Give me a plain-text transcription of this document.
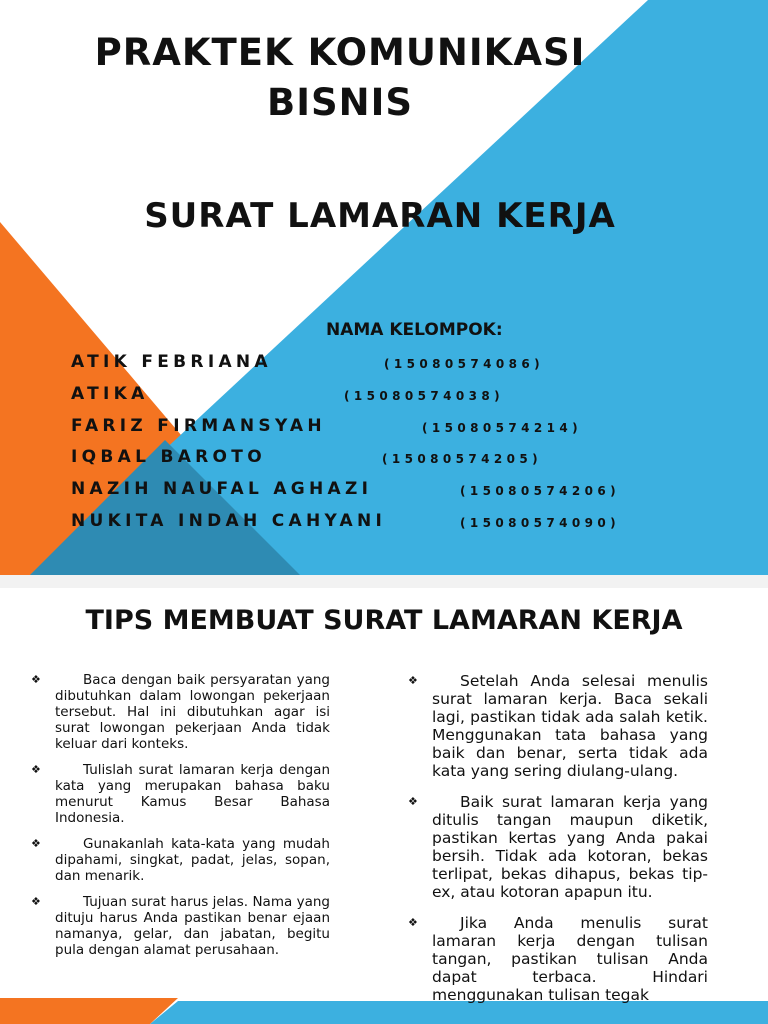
PRAKTEK KOMUNIKASI
BISNIS
SURAT LAMARAN KERJA
NAMA KELOMPOK:
ATIK FEBRIANA	(15080574086)
ATIKA	(15080574038)
FARIZ FIRMANSYAH	(15080574214)
IQBAL BAROTO	(15080574205)
NAZIH NAUFAL AGHAZI	(15080574206)
NUKITA INDAH CAHYANI	(15080574090)
TIPS MEMBUAT SURAT LAMARAN KERJA
❖	Baca dengan baik persyaratan yang dibutuhkan dalam lowongan pekerjaan tersebut. Hal ini dibutuhkan agar isi surat lowongan pekerjaan Anda tidak keluar dari konteks.
❖	Tulislah surat lamaran kerja dengan kata yang merupakan bahasa baku menurut Kamus Besar Bahasa Indonesia.
❖	Gunakanlah kata-kata yang mudah dipahami, singkat, padat, jelas, sopan, dan menarik.
❖	Tujuan surat harus jelas. Nama yang dituju harus Anda pastikan benar ejaan namanya, gelar, dan jabatan, begitu pula dengan alamat perusahaan.
❖	Setelah Anda selesai menulis surat lamaran kerja. Baca sekali lagi, pastikan tidak ada salah ketik. Menggunakan tata bahasa yang baik dan benar, serta tidak ada kata yang sering diulang-ulang.
❖	Baik surat lamaran kerja yang ditulis tangan maupun diketik, pastikan kertas yang Anda pakai bersih. Tidak ada kotoran, bekas terlipat, bekas dihapus, bekas tip-ex, atau kotoran apapun itu.
❖	Jika Anda menulis surat lamaran kerja dengan tulisan tangan, pastikan tulisan Anda dapat terbaca. Hindari menggunakan tulisan tegak
